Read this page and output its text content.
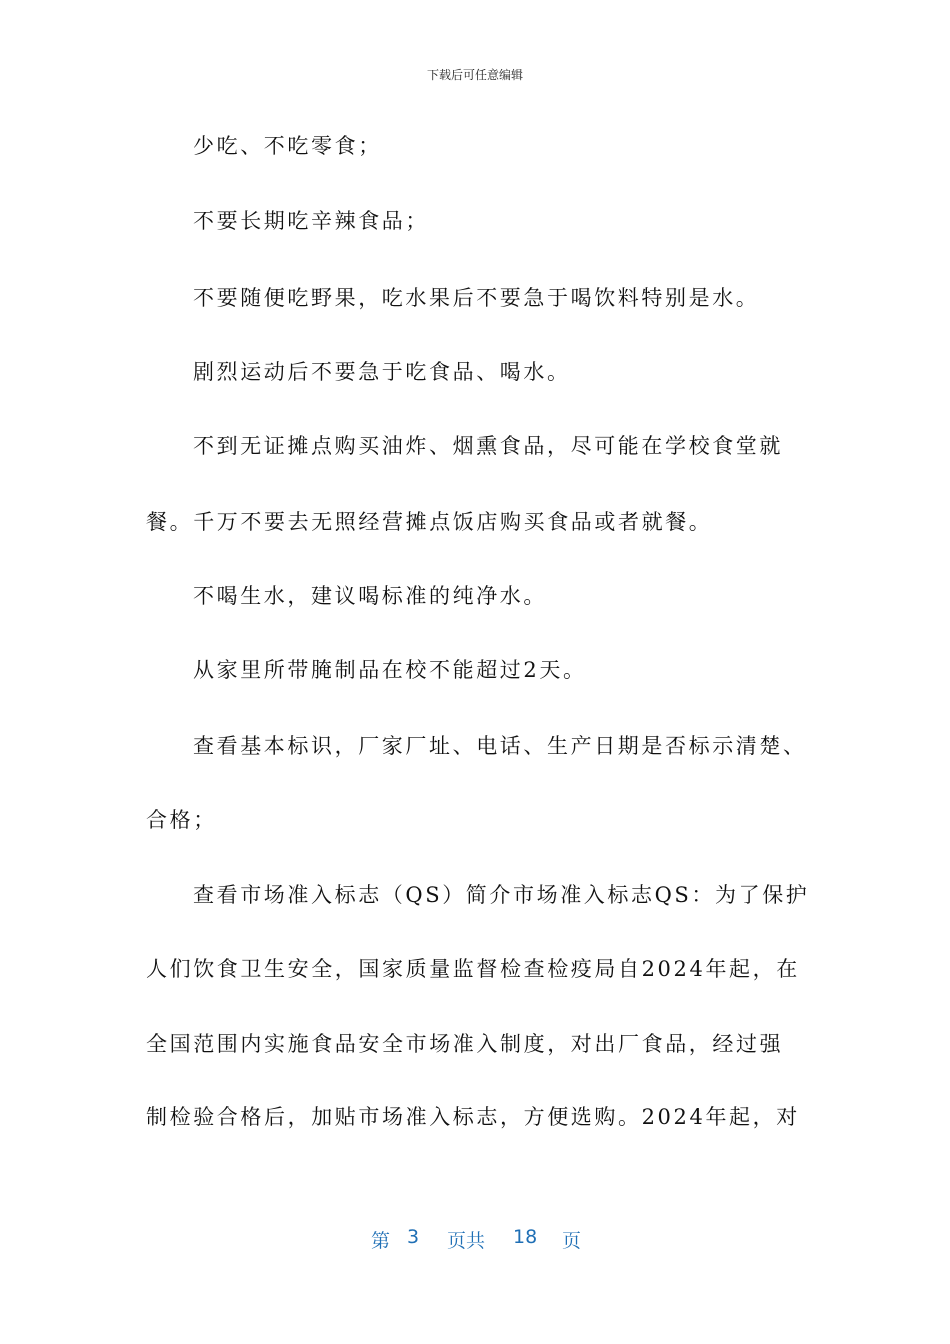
下载后可任意编辑
少吃、不吃零食；
不要长期吃辛辣食品；
不要随便吃野果，吃水果后不要急于喝饮料特别是水。
剧烈运动后不要急于吃食品、喝水。
不到无证摊点购买油炸、烟熏食品，尽可能在学校食堂就
餐。千万不要去无照经营摊点饭店购买食品或者就餐。
不喝生水，建议喝标准的纯净水。
从家里所带腌制品在校不能超过2天。
查看基本标识，厂家厂址、电话、生产日期是否标示清楚、
合格；
查看市场准入标志（QS）简介市场准入标志QS：为了保护
人们饮食卫生安全，国家质量监督检查检疫局自2024年起，在
全国范围内实施食品安全市场准入制度，对出厂食品，经过强
制检验合格后，加贴市场准入标志，方便选购。2024年起，对
第 3 页共 18 页
